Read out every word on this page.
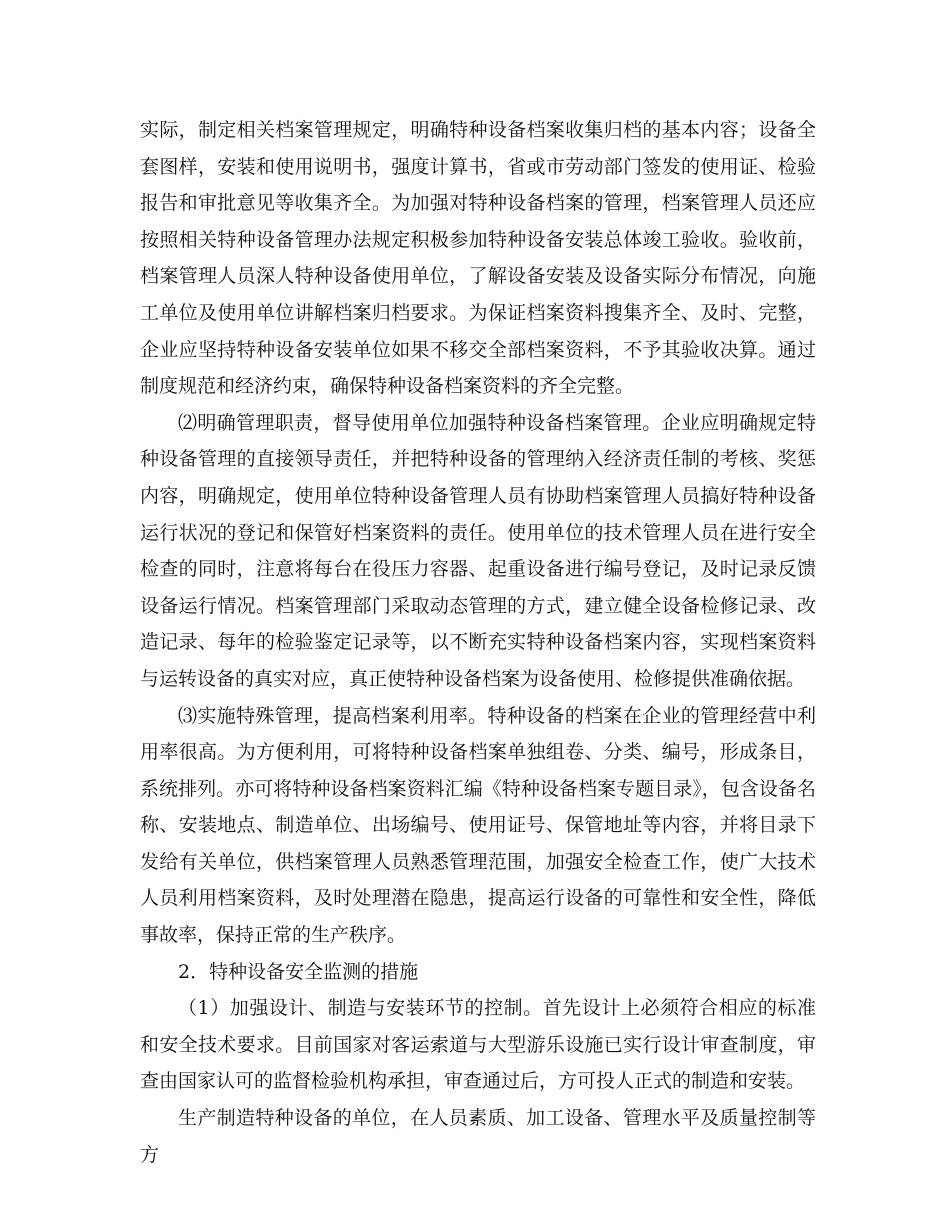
实际，制定相关档案管理规定，明确特种设备档案收集归档的基本内容；设备全套图样，安装和使用说明书，强度计算书，省或市劳动部门签发的使用证、检验报告和审批意见等收集齐全。为加强对特种设备档案的管理，档案管理人员还应按照相关特种设备管理办法规定积极参加特种设备安装总体竣工验收。验收前，档案管理人员深人特种设备使用单位，了解设备安装及设备实际分布情况，向施工单位及使用单位讲解档案归档要求。为保证档案资料搜集齐全、及时、完整，企业应坚持特种设备安装单位如果不移交全部档案资料，不予其验收决算。通过制度规范和经济约束，确保特种设备档案资料的齐全完整。

⑵明确管理职责，督导使用单位加强特种设备档案管理。企业应明确规定特种设备管理的直接领导责任，并把特种设备的管理纳入经济责任制的考核、奖惩内容，明确规定，使用单位特种设备管理人员有协助档案管理人员搞好特种设备运行状况的登记和保管好档案资料的责任。使用单位的技术管理人员在进行安全检查的同时，注意将每台在役压力容器、起重设备进行编号登记，及时记录反馈设备运行情况。档案管理部门采取动态管理的方式，建立健全设备检修记录、改造记录、每年的检验鉴定记录等，以不断充实特种设备档案内容，实现档案资料与运转设备的真实对应，真正使特种设备档案为设备使用、检修提供准确依据。

⑶实施特殊管理，提高档案利用率。特种设备的档案在企业的管理经营中利用率很高。为方便利用，可将特种设备档案单独组卷、分类、编号，形成条目，系统排列。亦可将特种设备档案资料汇编《特种设备档案专题目录》，包含设备名称、安装地点、制造单位、出场编号、使用证号、保管地址等内容，并将目录下发给有关单位，供档案管理人员熟悉管理范围，加强安全检查工作，使广大技术人员利用档案资料，及时处理潜在隐患，提高运行设备的可靠性和安全性，降低事故率，保持正常的生产秩序。

2．特种设备安全监测的措施

（1）加强设计、制造与安装环节的控制。首先设计上必须符合相应的标准和安全技术要求。目前国家对客运索道与大型游乐设施已实行设计审查制度，审查由国家认可的监督检验机构承担，审查通过后，方可投人正式的制造和安装。

生产制造特种设备的单位，在人员素质、加工设备、管理水平及质量控制等方
